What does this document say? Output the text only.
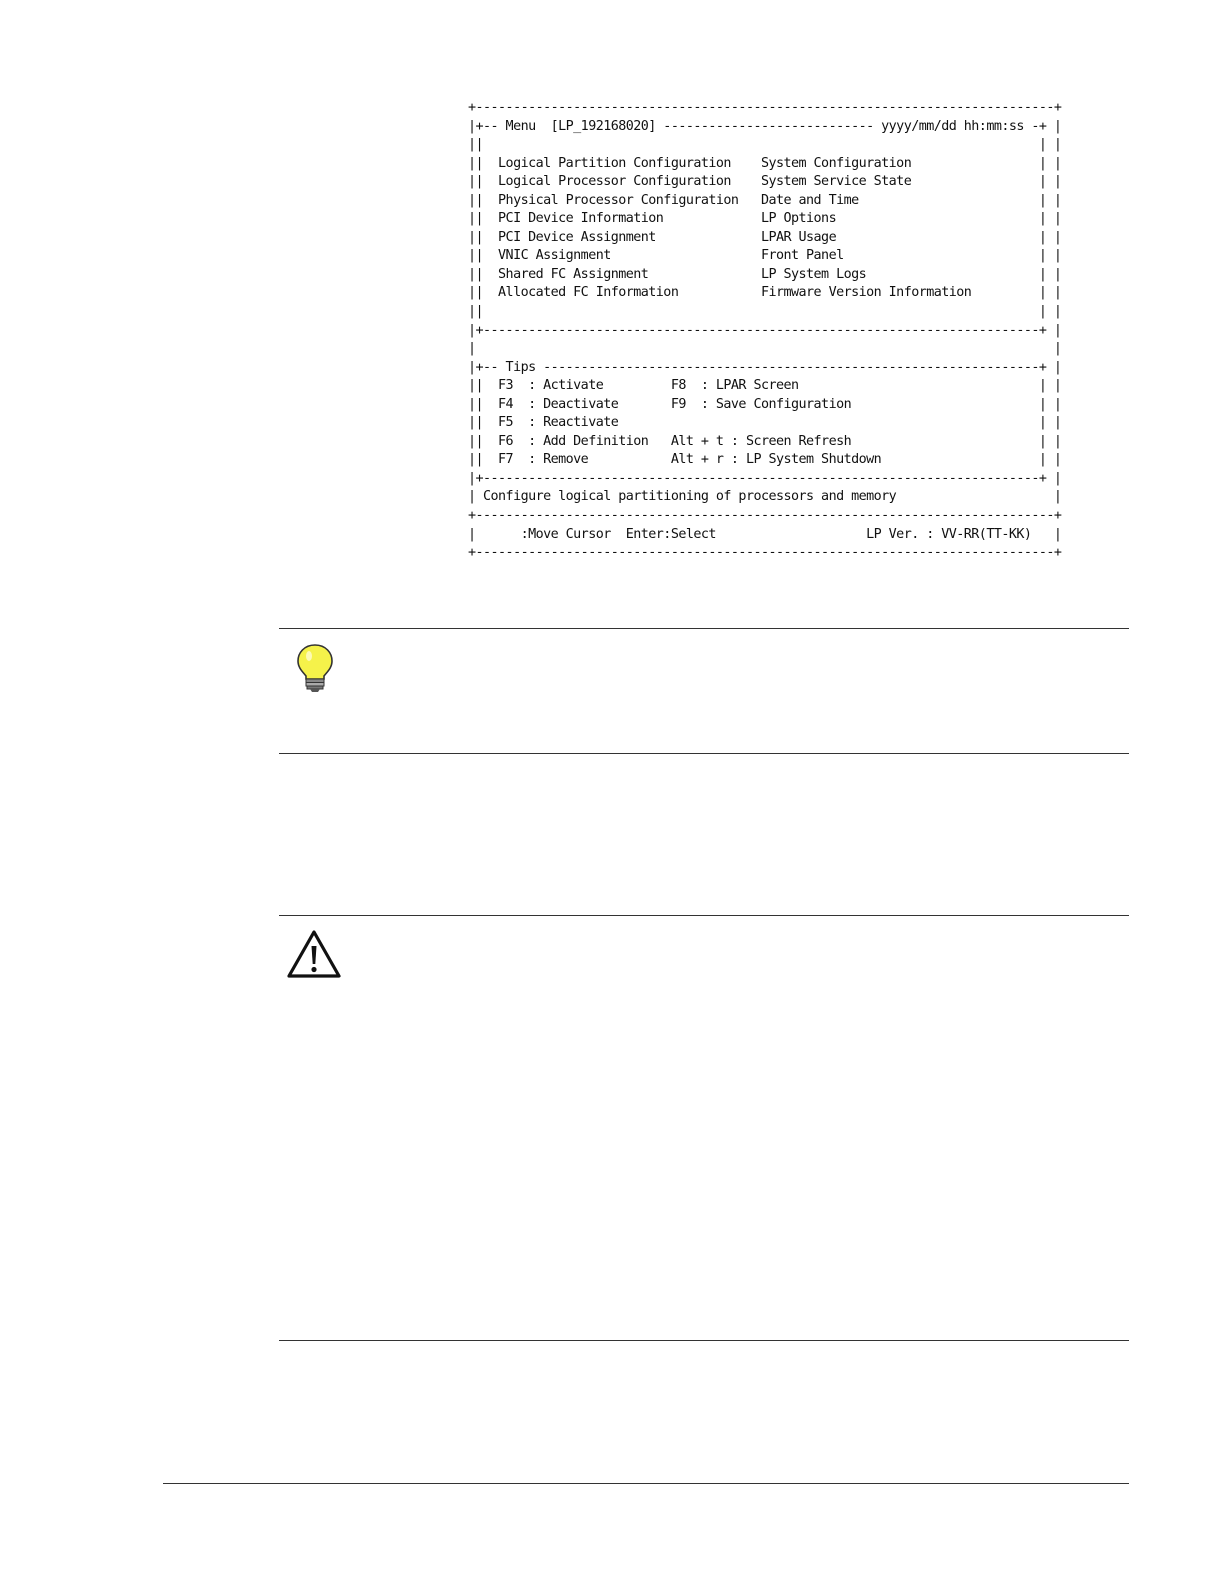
+-----------------------------------------------------------------------------+
|+-- Menu  [LP_192168020] ---------------------------- yyyy/mm/dd hh:mm:ss -+ |
||                                                                          | |
||  Logical Partition Configuration    System Configuration                 | |
||  Logical Processor Configuration    System Service State                 | |
||  Physical Processor Configuration   Date and Time                        | |
||  PCI Device Information             LP Options                           | |
||  PCI Device Assignment              LPAR Usage                           | |
||  VNIC Assignment                    Front Panel                          | |
||  Shared FC Assignment               LP System Logs                       | |
||  Allocated FC Information           Firmware Version Information         | |
||                                                                          | |
|+--------------------------------------------------------------------------+ |
|                                                                             |
|+-- Tips ------------------------------------------------------------------+ |
||  F3  : Activate         F8  : LPAR Screen                                | |
||  F4  : Deactivate       F9  : Save Configuration                         | |
||  F5  : Reactivate                                                        | |
||  F6  : Add Definition   Alt + t : Screen Refresh                         | |
||  F7  : Remove           Alt + r : LP System Shutdown                     | |
|+--------------------------------------------------------------------------+ |
| Configure logical partitioning of processors and memory                     |
+-----------------------------------------------------------------------------+
|      :Move Cursor  Enter:Select                    LP Ver. : VV-RR(TT-KK)   |
+-----------------------------------------------------------------------------+
